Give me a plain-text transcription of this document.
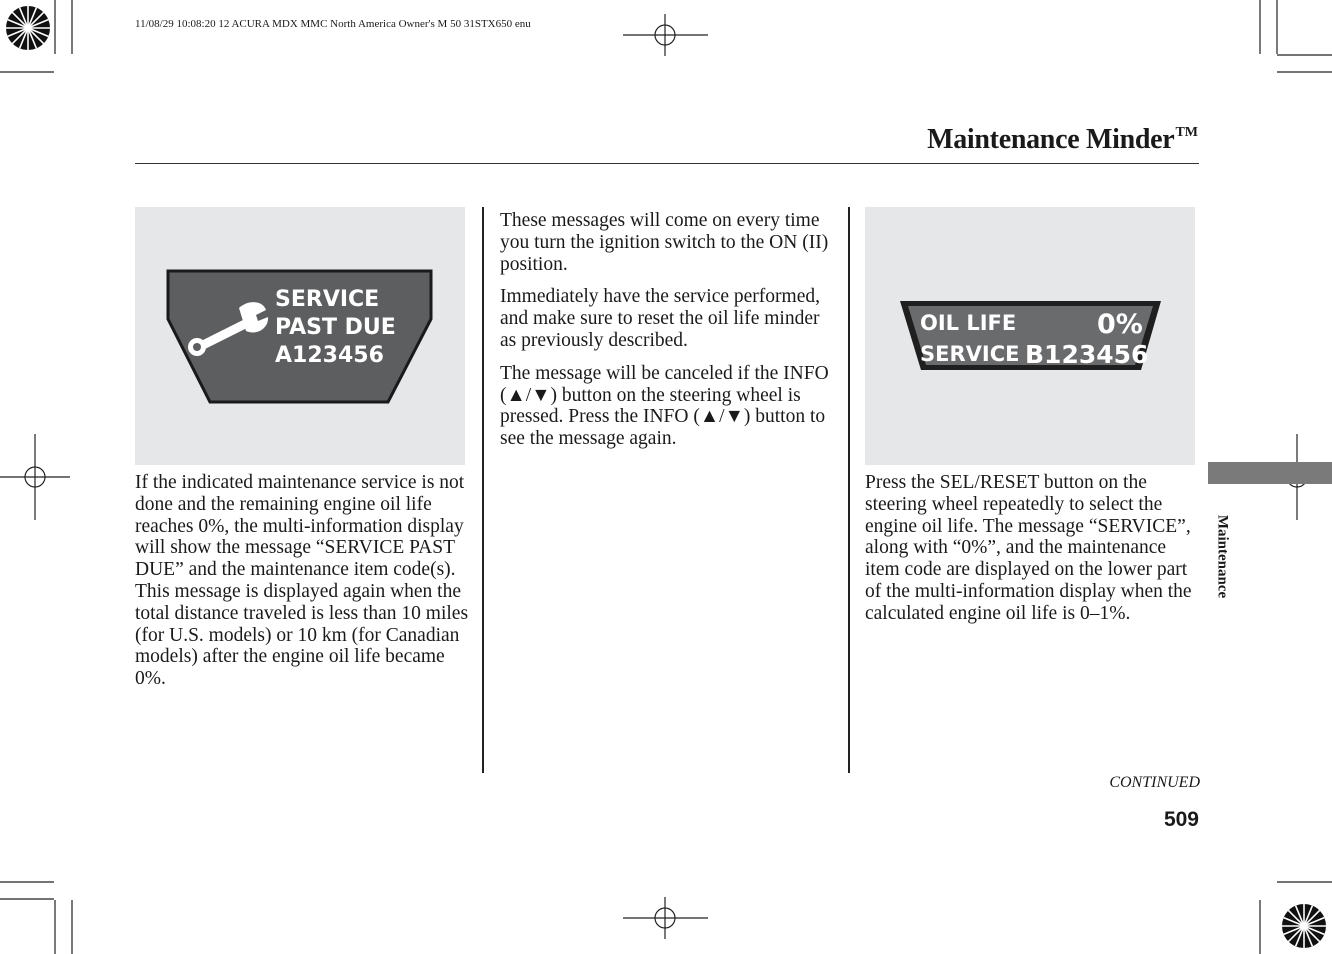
11/08/29 10:08:20 12 ACURA MDX MMC North America Owner's M 50 31STX650 enu
Maintenance MinderTM
SERVICE
PAST DUE
A123456
OIL LIFE	0%
SERVICE B123456

If the indicated maintenance service is not done and the remaining engine oil life reaches 0%, the multi-information display will show the message “SERVICE PAST DUE” and the maintenance item code(s). This message is displayed again when the total distance traveled is less than 10 miles (for U.S. models) or 10 km (for Canadian models) after the engine oil life became 0%.

These messages will come on every time you turn the ignition switch to the ON (II) position.

Immediately have the service performed, and make sure to reset the oil life minder as previously described.

The message will be canceled if the INFO (▲/▼) button on the steering wheel is pressed. Press the INFO (▲/▼) button to see the message again.

Press the SEL/RESET button on the steering wheel repeatedly to select the engine oil life. The message “SERVICE”, along with “0%”, and the maintenance item code are displayed on the lower part of the multi-information display when the calculated engine oil life is 0–1%.

Maintenance
CONTINUED
509
